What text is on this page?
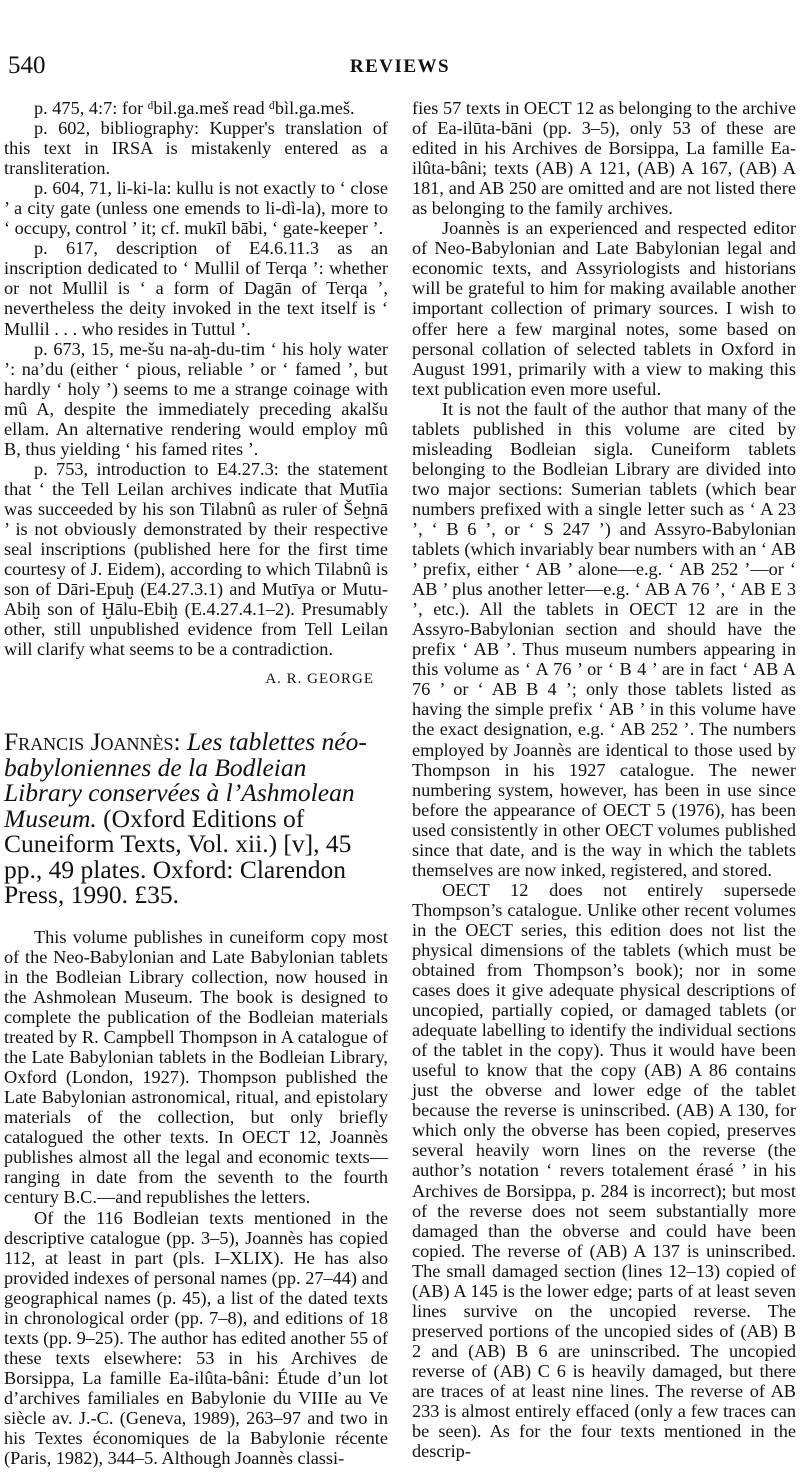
540	REVIEWS

p. 475, 4:7: for ᵈbil.ga.meš read ᵈbìl.ga.meš.

p. 602, bibliography: Kupper's translation of this text in IRSA is mistakenly entered as a transliteration.

p. 604, 71, li-ki-la: kullu is not exactly to ‘ close ’ a city gate (unless one emends to li-dì-la), more to ‘ occupy, control ’ it; cf. mukīl bābi, ‘ gate-keeper ’.

p. 617, description of E4.6.11.3 as an inscription dedicated to ‘ Mullil of Terqa ’: whether or not Mullil is ‘ a form of Dagān of Terqa ’, nevertheless the deity invoked in the text itself is ‘ Mullil . . . who resides in Tuttul ’.

p. 673, 15, me-šu na-aḫ-du-tim ‘ his holy water ’: na’du (either ‘ pious, reliable ’ or ‘ famed ’, but hardly ‘ holy ’) seems to me a strange coinage with mû A, despite the immediately preceding akalšu ellam. An alternative rendering would employ mû B, thus yielding ‘ his famed rites ’.

p. 753, introduction to E4.27.3: the statement that ‘ the Tell Leilan archives indicate that Mutīia was succeeded by his son Tilabnû as ruler of Šeḫnā ’ is not obviously demonstrated by their respective seal inscriptions (published here for the first time courtesy of J. Eidem), according to which Tilabnû is son of Dāri-Epuḫ (E4.27.3.1) and Mutīya or Mutu-Abiḫ son of Ḫālu-Ebiḫ (E.4.27.4.1–2). Presumably other, still unpublished evidence from Tell Leilan will clarify what seems to be a contradiction.

A. R. GEORGE

Francis Joannès: Les tablettes néo-babyloniennes de la Bodleian Library conservées à l’Ashmolean Museum. (Oxford Editions of Cuneiform Texts, Vol. xii.) [v], 45 pp., 49 plates. Oxford: Clarendon Press, 1990. £35.

This volume publishes in cuneiform copy most of the Neo-Babylonian and Late Babylonian tablets in the Bodleian Library collection, now housed in the Ashmolean Museum. The book is designed to complete the publication of the Bodleian materials treated by R. Campbell Thompson in A catalogue of the Late Babylonian tablets in the Bodleian Library, Oxford (London, 1927). Thompson published the Late Babylonian astronomical, ritual, and epistolary materials of the collection, but only briefly catalogued the other texts. In OECT 12, Joannès publishes almost all the legal and economic texts—ranging in date from the seventh to the fourth century B.C.—and republishes the letters.

Of the 116 Bodleian texts mentioned in the descriptive catalogue (pp. 3–5), Joannès has copied 112, at least in part (pls. I–XLIX). He has also provided indexes of personal names (pp. 27–44) and geographical names (p. 45), a list of the dated texts in chronological order (pp. 7–8), and editions of 18 texts (pp. 9–25). The author has edited another 55 of these texts elsewhere: 53 in his Archives de Borsippa, La famille Ea-ilûta-bâni: Étude d’un lot d’archives familiales en Babylonie du VIIIe au Ve siècle av. J.-C. (Geneva, 1989), 263–97 and two in his Textes économiques de la Babylonie récente (Paris, 1982), 344–5. Although Joannès classi-

fies 57 texts in OECT 12 as belonging to the archive of Ea-ilūta-bāni (pp. 3–5), only 53 of these are edited in his Archives de Borsippa, La famille Ea-ilûta-bâni; texts (AB) A 121, (AB) A 167, (AB) A 181, and AB 250 are omitted and are not listed there as belonging to the family archives.

Joannès is an experienced and respected editor of Neo-Babylonian and Late Babylonian legal and economic texts, and Assyriologists and historians will be grateful to him for making available another important collection of primary sources. I wish to offer here a few marginal notes, some based on personal collation of selected tablets in Oxford in August 1991, primarily with a view to making this text publication even more useful.

It is not the fault of the author that many of the tablets published in this volume are cited by misleading Bodleian sigla. Cuneiform tablets belonging to the Bodleian Library are divided into two major sections: Sumerian tablets (which bear numbers prefixed with a single letter such as ‘ A 23 ’, ‘ B 6 ’, or ‘ S 247 ’) and Assyro-Babylonian tablets (which invariably bear numbers with an ‘ AB ’ prefix, either ‘ AB ’ alone—e.g. ‘ AB 252 ’—or ‘ AB ’ plus another letter—e.g. ‘ AB A 76 ’, ‘ AB E 3 ’, etc.). All the tablets in OECT 12 are in the Assyro-Babylonian section and should have the prefix ‘ AB ’. Thus museum numbers appearing in this volume as ‘ A 76 ’ or ‘ B 4 ’ are in fact ‘ AB A 76 ’ or ‘ AB B 4 ’; only those tablets listed as having the simple prefix ‘ AB ’ in this volume have the exact designation, e.g. ‘ AB 252 ’. The numbers employed by Joannès are identical to those used by Thompson in his 1927 catalogue. The newer numbering system, however, has been in use since before the appearance of OECT 5 (1976), has been used consistently in other OECT volumes published since that date, and is the way in which the tablets themselves are now inked, registered, and stored.

OECT 12 does not entirely supersede Thompson’s catalogue. Unlike other recent volumes in the OECT series, this edition does not list the physical dimensions of the tablets (which must be obtained from Thompson’s book); nor in some cases does it give adequate physical descriptions of uncopied, partially copied, or damaged tablets (or adequate labelling to identify the individual sections of the tablet in the copy). Thus it would have been useful to know that the copy (AB) A 86 contains just the obverse and lower edge of the tablet because the reverse is uninscribed. (AB) A 130, for which only the obverse has been copied, preserves several heavily worn lines on the reverse (the author’s notation ‘ revers totalement érasé ’ in his Archives de Borsippa, p. 284 is incorrect); but most of the reverse does not seem substantially more damaged than the obverse and could have been copied. The reverse of (AB) A 137 is uninscribed. The small damaged section (lines 12–13) copied of (AB) A 145 is the lower edge; parts of at least seven lines survive on the uncopied reverse. The preserved portions of the uncopied sides of (AB) B 2 and (AB) B 6 are uninscribed. The uncopied reverse of (AB) C 6 is heavily damaged, but there are traces of at least nine lines. The reverse of AB 233 is almost entirely effaced (only a few traces can be seen). As for the four texts mentioned in the descrip-
